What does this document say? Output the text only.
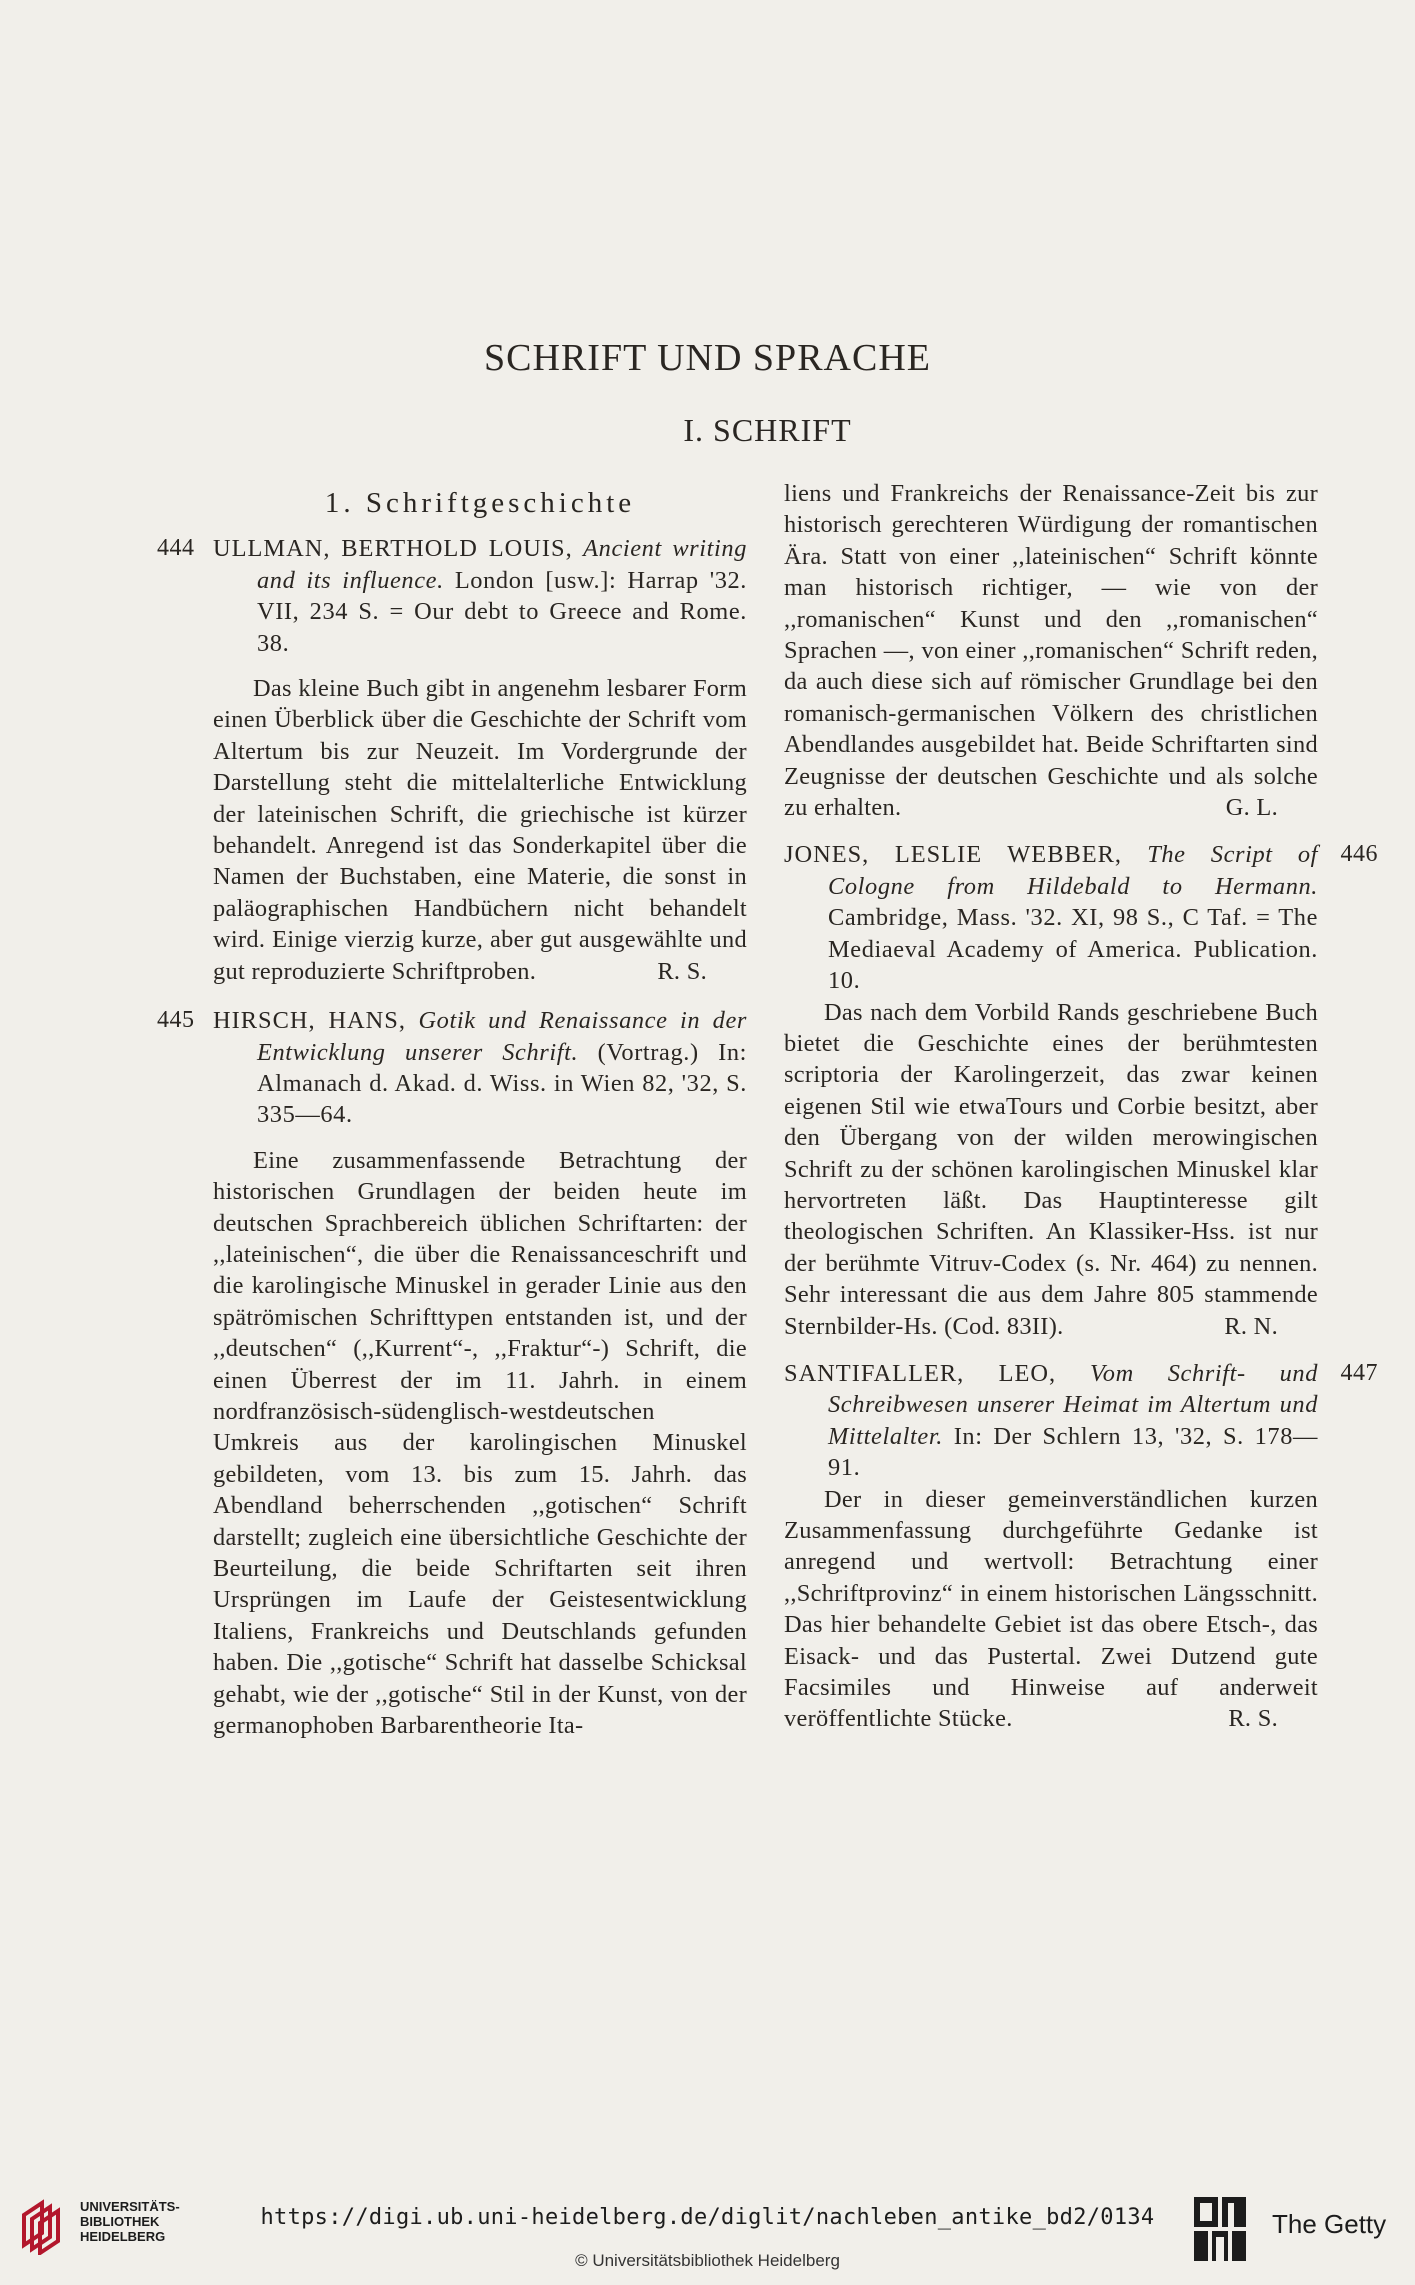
SCHRIFT UND SPRACHE
I. SCHRIFT
1. Schriftgeschichte
444 ULLMAN, BERTHOLD LOUIS, Ancient writing and its influence. London [usw.]: Harrap '32. VII, 234 S. = Our debt to Greece and Rome. 38.

Das kleine Buch gibt in angenehm lesbarer Form einen Überblick über die Geschichte der Schrift vom Altertum bis zur Neuzeit. Im Vordergrunde der Darstellung steht die mittelalterliche Entwicklung der lateinischen Schrift, die griechische ist kürzer behandelt. Anregend ist das Sonderkapitel über die Namen der Buchstaben, eine Materie, die sonst in paläographischen Handbüchern nicht behandelt wird. Einige vierzig kurze, aber gut ausgewählte und gut reproduzierte Schriftproben.	R. S.

445 HIRSCH, HANS, Gotik und Renaissance in der Entwicklung unserer Schrift. (Vortrag.) In: Almanach d. Akad. d. Wiss. in Wien 82, '32, S. 335—64.

Eine zusammenfassende Betrachtung der historischen Grundlagen der beiden heute im deutschen Sprachbereich üblichen Schriftarten: der ,,lateinischen“, die über die Renaissanceschrift und die karolingische Minuskel in gerader Linie aus den spätrömischen Schrifttypen entstanden ist, und der ,,deutschen“ (,,Kurrent“-, ,,Fraktur“-) Schrift, die einen Überrest der im 11. Jahrh. in einem nordfranzösisch-südenglisch-westdeutschen Umkreis aus der karolingischen Minuskel gebildeten, vom 13. bis zum 15. Jahrh. das Abendland beherrschenden ,,gotischen“ Schrift darstellt; zugleich eine übersichtliche Geschichte der Beurteilung, die beide Schriftarten seit ihren Ursprüngen im Laufe der Geistesentwicklung Italiens, Frankreichs und Deutschlands gefunden haben. Die ,,gotische“ Schrift hat dasselbe Schicksal gehabt, wie der ,,gotische“ Stil in der Kunst, von der germanophoben Barbarentheorie Ita-

liens und Frankreichs der Renaissance-Zeit bis zur historisch gerechteren Würdigung der romantischen Ära. Statt von einer ,,lateinischen“ Schrift könnte man historisch richtiger, — wie von der ,,romanischen“ Kunst und den ,,romanischen“ Sprachen —, von einer ,,romanischen“ Schrift reden, da auch diese sich auf römischer Grundlage bei den romanisch-germanischen Völkern des christlichen Abendlandes ausgebildet hat. Beide Schriftarten sind Zeugnisse der deutschen Geschichte und als solche zu erhalten.	G. L.

446
JONES, LESLIE WEBBER, The Script of Cologne from Hildebald to Hermann. Cambridge, Mass. '32. XI, 98 S., C Taf. = The Mediaeval Academy of America. Publication. 10.

Das nach dem Vorbild Rands geschriebene Buch bietet die Geschichte eines der berühmtesten scriptoria der Karolingerzeit, das zwar keinen eigenen Stil wie etwaTours und Corbie besitzt, aber den Übergang von der wilden merowingischen Schrift zu der schönen karolingischen Minuskel klar hervortreten läßt. Das Hauptinteresse gilt theologischen Schriften. An Klassiker-Hss. ist nur der berühmte Vitruv-Codex (s. Nr. 464) zu nennen. Sehr interessant die aus dem Jahre 805 stammende Sternbilder-Hs. (Cod. 83II).	R. N.

447
SANTIFALLER, LEO, Vom Schrift- und Schreibwesen unserer Heimat im Altertum und Mittelalter. In: Der Schlern 13, '32, S. 178—91.

Der in dieser gemeinverständlichen kurzen Zusammenfassung durchgeführte Gedanke ist anregend und wertvoll: Betrachtung einer ,,Schriftprovinz“ in einem historischen Längsschnitt. Das hier behandelte Gebiet ist das obere Etsch-, das Eisack- und das Pustertal. Zwei Dutzend gute Facsimiles und Hinweise auf anderweit veröffentlichte Stücke.	R. S.

UNIVERSITÄTS-
BIBLIOTHEK
HEIDELBERG
https://digi.ub.uni-heidelberg.de/diglit/nachleben_antike_bd2/0134
© Universitätsbibliothek Heidelberg
The Getty
